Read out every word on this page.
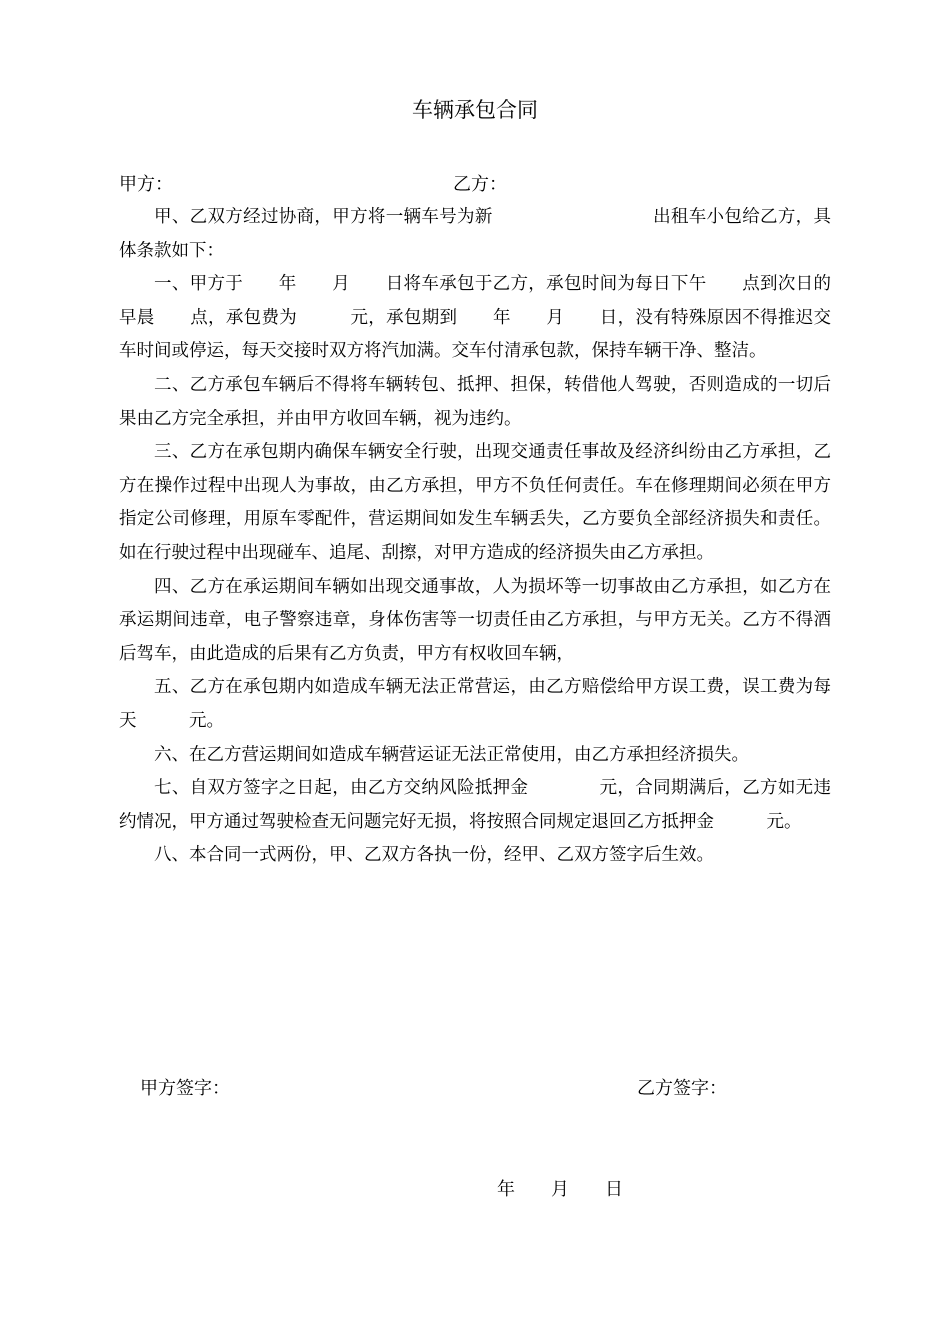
车辆承包合同
甲方：	乙方：

甲、乙双方经过协商，甲方将一辆车号为新　　　　　　　　　出租车小包给乙方，具体条款如下：

一、甲方于　　年　　月　　日将车承包于乙方，承包时间为每日下午　　点到次日的早晨　　点，承包费为　　　元，承包期到　　年　　月　　日，没有特殊原因不得推迟交车时间或停运，每天交接时双方将汽加满。交车付清承包款，保持车辆干净、整洁。

二、乙方承包车辆后不得将车辆转包、抵押、担保，转借他人驾驶，否则造成的一切后果由乙方完全承担，并由甲方收回车辆，视为违约。

三、乙方在承包期内确保车辆安全行驶，出现交通责任事故及经济纠纷由乙方承担，乙方在操作过程中出现人为事故，由乙方承担，甲方不负任何责任。车在修理期间必须在甲方指定公司修理，用原车零配件，营运期间如发生车辆丢失，乙方要负全部经济损失和责任。如在行驶过程中出现碰车、追尾、刮擦，对甲方造成的经济损失由乙方承担。

四、乙方在承运期间车辆如出现交通事故，人为损坏等一切事故由乙方承担，如乙方在承运期间违章，电子警察违章，身体伤害等一切责任由乙方承担，与甲方无关。乙方不得酒后驾车，由此造成的后果有乙方负责，甲方有权收回车辆，

五、乙方在承包期内如造成车辆无法正常营运，由乙方赔偿给甲方误工费，误工费为每天　　　元。

六、在乙方营运期间如造成车辆营运证无法正常使用，由乙方承担经济损失。

七、自双方签字之日起，由乙方交纳风险抵押金　　　　元，合同期满后，乙方如无违约情况，甲方通过驾驶检查无问题完好无损，将按照合同规定退回乙方抵押金　　　元。

八、本合同一式两份，甲、乙双方各执一份，经甲、乙双方签字后生效。

甲方签字：	乙方签字：
年　　月　　日
